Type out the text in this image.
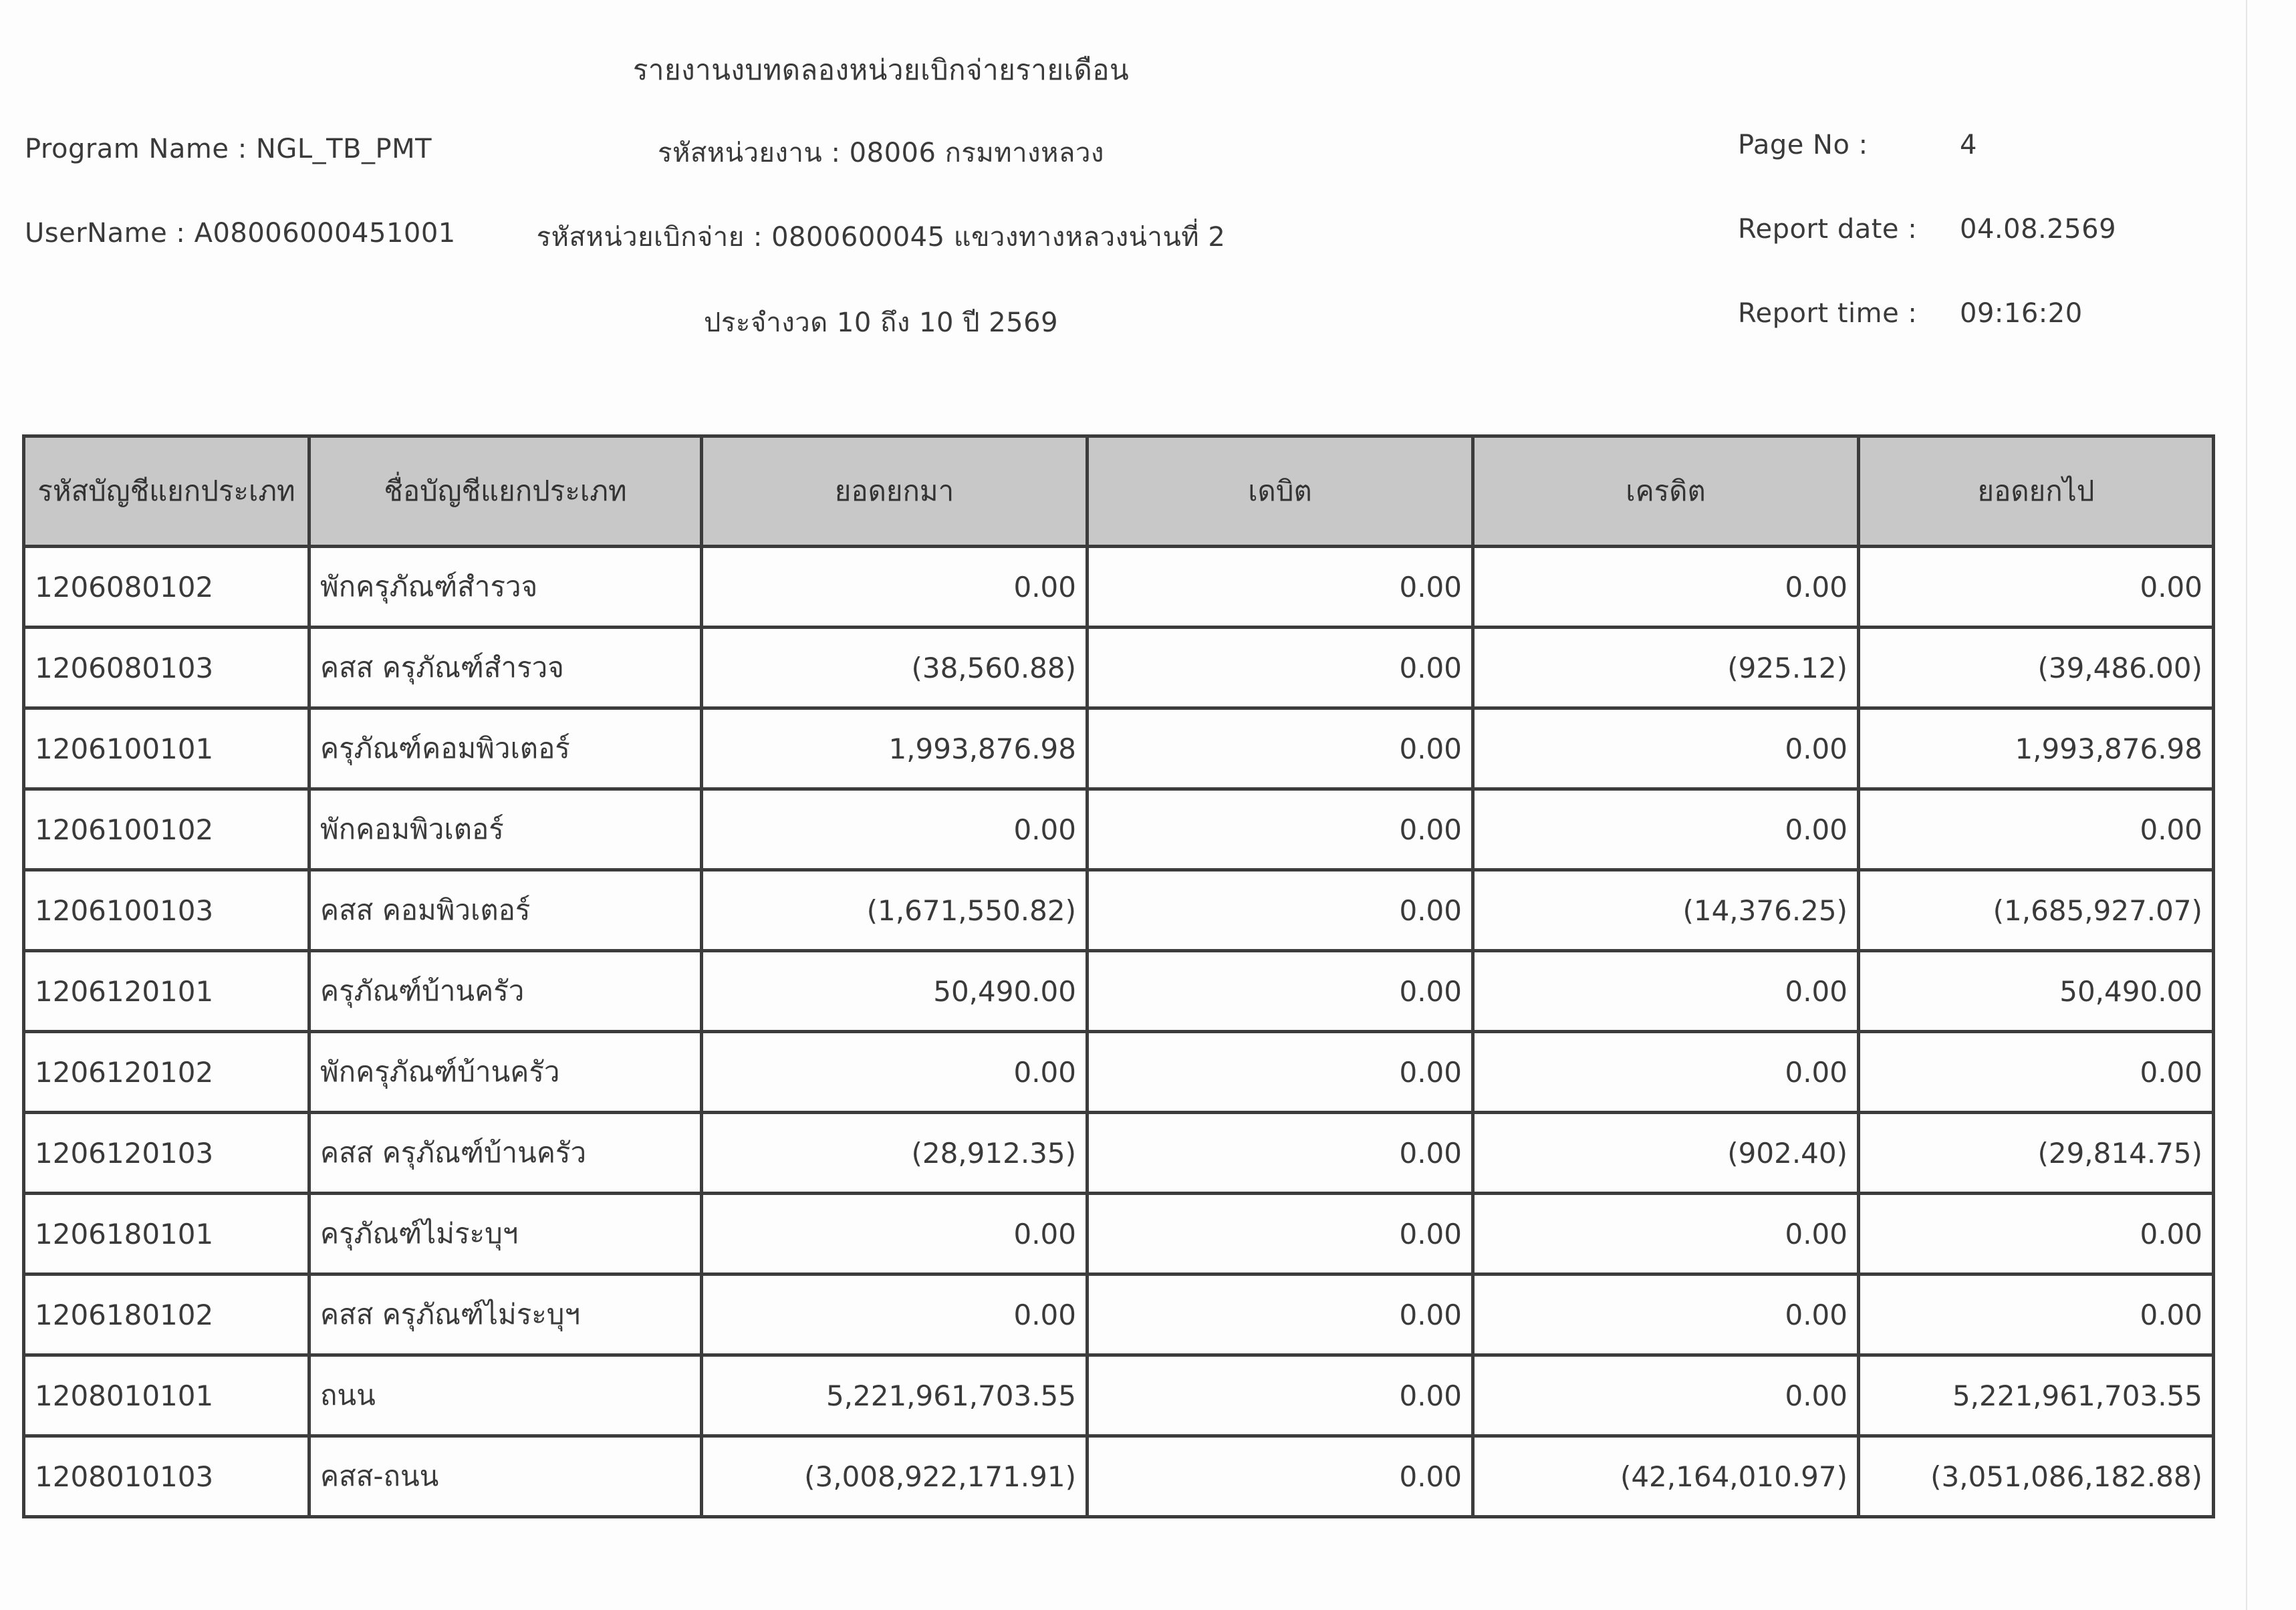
รายงานงบทดลองหน่วยเบิกจ่ายรายเดือน
Program Name : NGL_TB_PMT
UserName : A08006000451001
รหัสหน่วยงาน : 08006 กรมทางหลวง
รหัสหน่วยเบิกจ่าย : 0800600045 แขวงทางหลวงน่านที่ 2
ประจำงวด 10 ถึง 10 ปี 2569
Page No :	4
Report date : 04.08.2569
Report time : 09:16:20
รหัสบัญชีแยกประเภท	ชื่อบัญชีแยกประเภท	ยอดยกมา	เดบิต	เครดิต	ยอดยกไป
1206080102	พักครุภัณฑ์สำรวจ	0.00	0.00	0.00	0.00
1206080103	คสส ครุภัณฑ์สำรวจ	(38,560.88)	0.00	(925.12)	(39,486.00)
1206100101	ครุภัณฑ์คอมพิวเตอร์	1,993,876.98	0.00	0.00	1,993,876.98
1206100102	พักคอมพิวเตอร์	0.00	0.00	0.00	0.00
1206100103	คสส คอมพิวเตอร์	(1,671,550.82)	0.00	(14,376.25)	(1,685,927.07)
1206120101	ครุภัณฑ์บ้านครัว	50,490.00	0.00	0.00	50,490.00
1206120102	พักครุภัณฑ์บ้านครัว	0.00	0.00	0.00	0.00
1206120103	คสส ครุภัณฑ์บ้านครัว	(28,912.35)	0.00	(902.40)	(29,814.75)
1206180101	ครุภัณฑ์ไม่ระบุฯ	0.00	0.00	0.00	0.00
1206180102	คสส ครุภัณฑ์ไม่ระบุฯ	0.00	0.00	0.00	0.00
1208010101	ถนน	5,221,961,703.55	0.00	0.00	5,221,961,703.55
1208010103	คสส-ถนน	(3,008,922,171.91)	0.00	(42,164,010.97)	(3,051,086,182.88)
